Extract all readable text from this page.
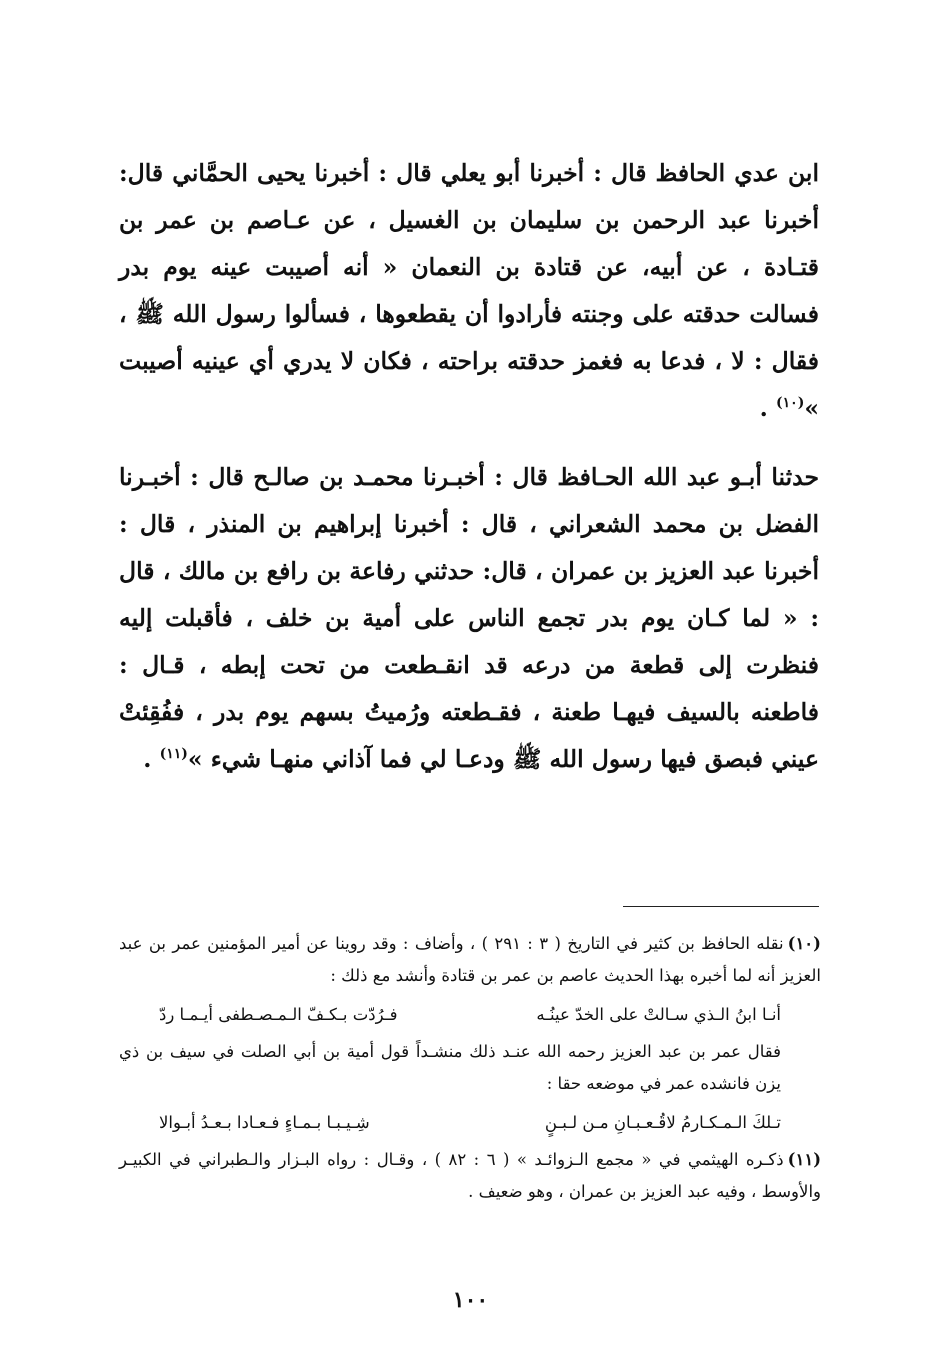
ابن عدي الحافظ قال : أخبرنا أبو يعلي قال : أخبرنا يحيى الحمَّاني قال: أخبرنا عبد الرحمن بن سليمان بن الغسيل ، عن عـاصم بن عمر بن قتـادة ، عن أبيه، عن قتادة بن النعمان « أنه أصيبت عينه يوم بدر فسالت حدقته على وجنته فأرادوا أن يقطعوها ، فسألوا رسول الله ﷺ ، فقال : لا ، فدعا به فغمز حدقته براحته ، فكان لا يدري أي عينيه أصيبت »$^{(١٠)}$ .

حدثنا أبـو عبد الله الحـافظ قال : أخبـرنا محمـد بن صالـح قال : أخبـرنا الفضل بن محمد الشعراني ، قال : أخبرنا إبراهيم بن المنذر ، قال : أخبرنا عبد العزيز بن عمران ، قال: حدثني رفاعة بن رافع بن مالك ، قال : « لما كـان يوم بدر تجمع الناس على أمية بن خلف ، فأقبلت إليه فنظرت إلى قطعة من درعه قد انقـطعت من تحت إبطه ، قـال : فاطعنه بالسيف فيهـا طعنة ، فقـطعته ورُميتُ بسهم يوم بدر ، ففُقِئتْ عيني فبصق فيها رسول الله ﷺ ودعـا لي فما آذاني منهـا شيء »$^{(١١)}$ .

(١٠)نقله الحافظ بن كثير في التاريخ ( ٣ : ٢٩١ ) ، وأضاف : وقد روينا عن أمير المؤمنين عمر بن عبد العزيز أنه لما أخبره بهذا الحديث عاصم بن عمر بن قتادة وأنشد مع ذلك :

أنـا ابنُ الـذي سـالتْ على الخدّ عينُـه
فـرُدّت بـكـفّ الـمـصـطفى أيـمـا ردّ

فقال عمر بن عبد العزيز رحمه الله عنـد ذلك منشـداً قول أمية بن أبي الصلت في سيف بن ذي يزن فانشده عمر في موضعه حقا :

تـلكَ الـمـكـارمُ لاقُـعـبـانِ مـن لـبـنٍ
شِـيـبـا بـمـاءٍ فـعـادا بـعـدُ أبـوالا

(١١)ذكـره الهيثمي في « مجمع الـزوائـد » ( ٦ : ٨٢ ) ، وقـال : رواه البـزار والـطبراني في الكبيـر والأوسط ، وفيه عبد العزيز بن عمران ، وهو ضعيف .

١٠٠
